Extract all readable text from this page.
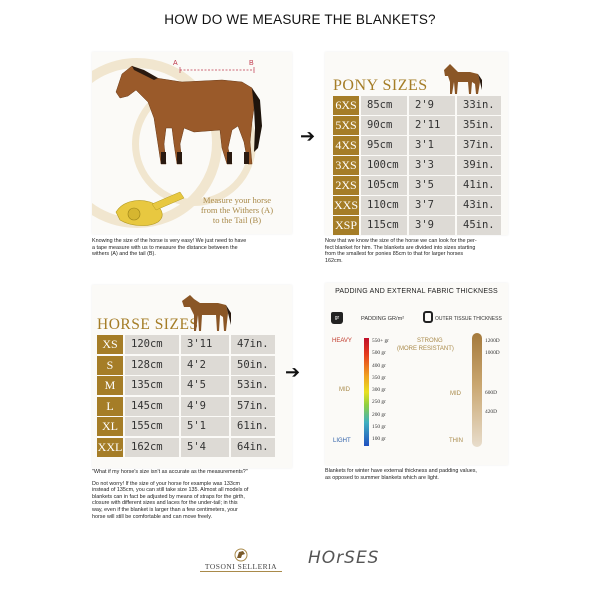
HOW DO WE MEASURE THE BLANKETS?
A	B
Measure your horse
from the Withers (A)
to the Tail (B)
Knowing the size of the horse is very easy! We just need to have
a tape measure with us to measure the distance between the
withers (A) and the tail (B).
➔
PONY SIZES
6XS 85cm	2'9	33in.
5XS 90cm	2'11	35in.
4XS 95cm	3'1	37in.
3XS 100cm	3'3	39in.
2XS 105cm	3'5	41in.
XXS 110cm	3'7	43in.
XSP 115cm	3'9	45in.
Now that we know the size of the horse we can look for the per-
fect blanket for him. The blankets are divided into sizes starting
from the smallest for ponies 85cm to that for larger horses
162cm.
HORSE SIZES
XS	120cm	3'11	47in.
S	128cm	4'2	50in.
M	135cm	4'5	53in.
L	145cm	4'9	57in.
XL	155cm	5'1	61in.
XXL 162cm	5'4	64in.
"What if my horse's size isn't as accurate as the measurements?"
Do not worry! If the size of your horse for example was 133cm
instead of 135cm, you can still take size 135. Almost all models of
blankets can in fact be adjusted by means of straps for the girth,
closure with different sizes and laces for the under-tail; in this
way, even if the blanket is larger than a few centimeters, your
horse will still be comfortable and can move freely.
➔
PADDING AND EXTERNAL FABRIC THICKNESS
gr	PADDING GR/m²	OUTER TISSUE THICKNESS
HEAVY
MID
LIGHT
550+ gr
500 gr
400 gr
350 gr
300 gr
250 gr
200 gr
150 gr
100 gr
STRONG
(MORE RESISTANT)
MID
THIN
1200D
1000D
600D
420D
Blankets for winter have external thickness and padding values,
as opposed to summer blankets which are light.
TOSONI SELLERIA HOrSES
